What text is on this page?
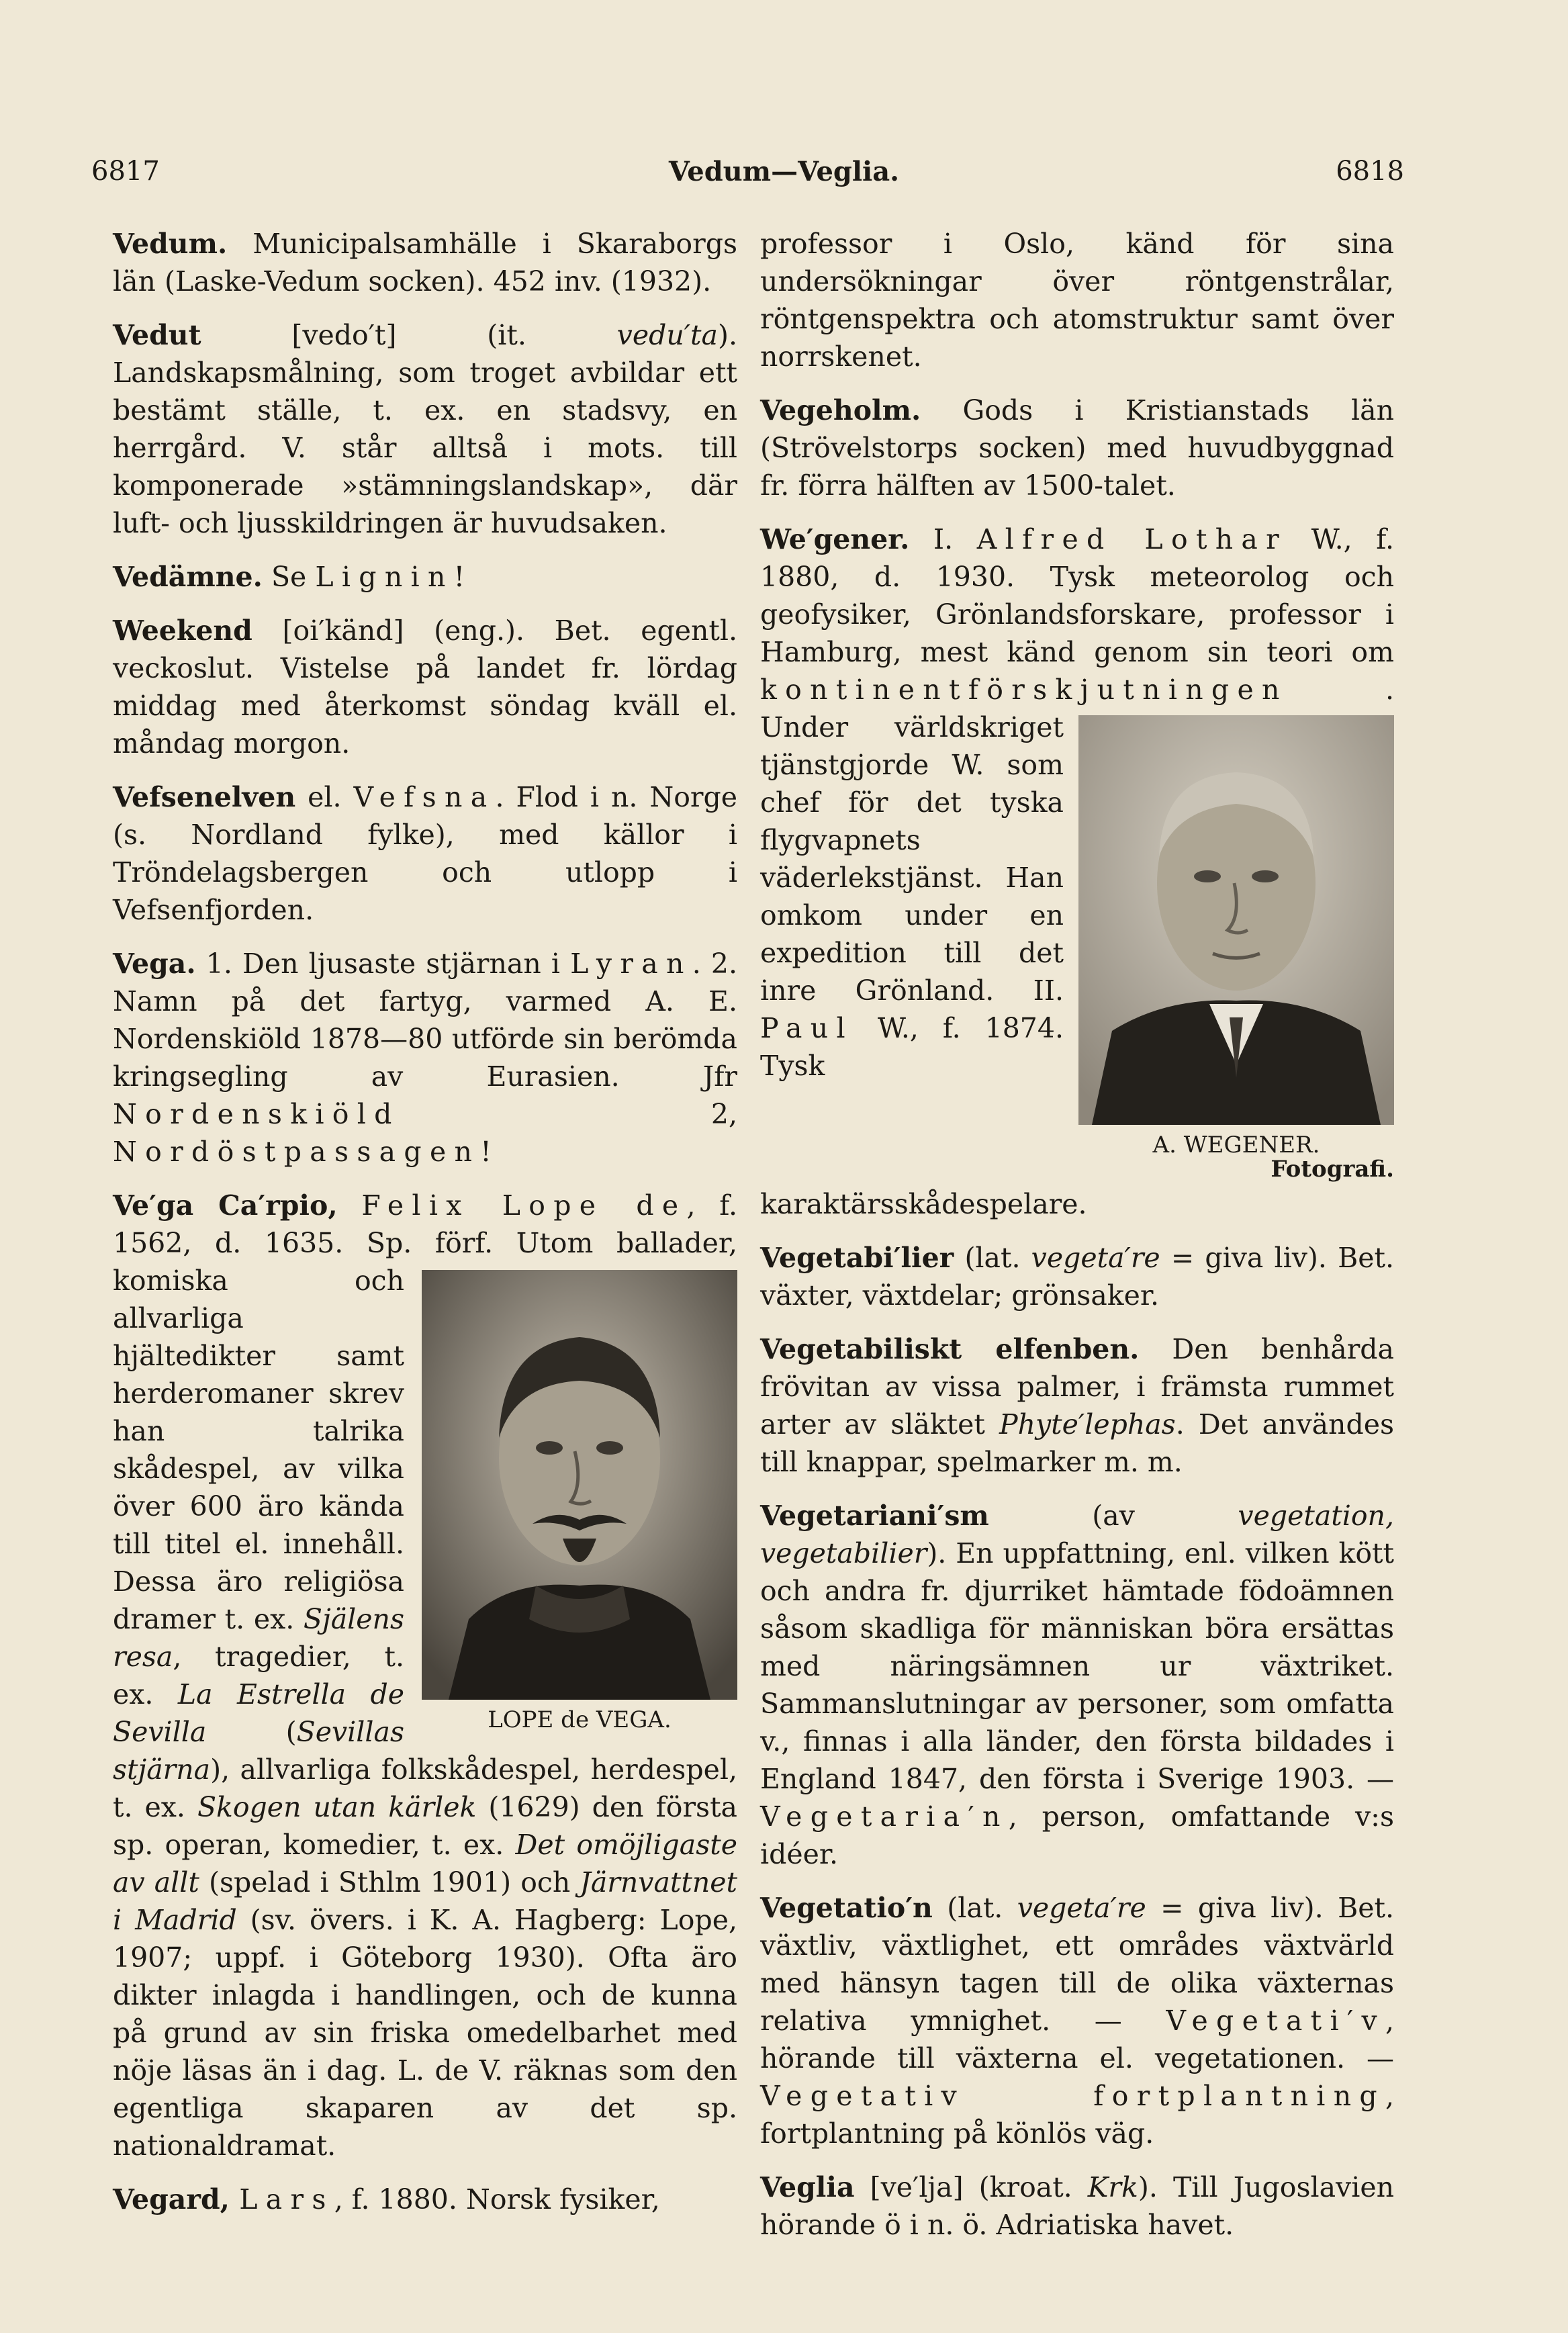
6817	Vedum—Veglia.	6818

Vedum. Municipalsamhälle i Skaraborgs län (Laske-Vedum socken). 452 inv. (1932).

Vedut [vedo′t] (it. vedu′ta). Landskapsmålning, som troget avbildar ett bestämt ställe, t. ex. en stadsvy, en herrgård. V. står alltså i mots. till komponerade »stämningslandskap», där luft- och ljusskildringen är huvudsaken.

Vedämne. Se Lignin!

Weekend [oi′känd] (eng.). Bet. egentl. veckoslut. Vistelse på landet fr. lördag middag med återkomst söndag kväll el. måndag morgon.

Vefsenelven el. Vefsna. Flod i n. Norge (s. Nordland fylke), med källor i Tröndelagsbergen och utlopp i Vefsenfjorden.

Vega. 1. Den ljusaste stjärnan i Lyran. 2. Namn på det fartyg, varmed A. E. Nordenskiöld 1878—80 utförde sin berömda kringsegling av Eurasien. Jfr Nordenskiöld 2, Nordöstpassagen!

Ve′ga Ca′rpio, Felix Lope de, f. 1562, d. 1635. Sp. förf.
LOPE de VEGA.
Utom ballader, komiska och allvarliga hjältedikter samt herderomaner skrev han talrika skådespel, av vilka över 600 äro kända till titel el. innehåll. Dessa äro religiösa dramer t. ex. Själens resa, tragedier, t. ex. La Estrella de Sevilla (Sevillas stjärna), allvarliga folkskådespel, herdespel, t. ex. Skogen utan kärlek (1629) den första sp. operan, komedier, t. ex. Det omöjligaste av allt (spelad i Sthlm 1901) och Järnvattnet i Madrid (sv. övers. i K. A. Hagberg: Lope, 1907; uppf. i Göteborg 1930). Ofta äro dikter inlagda i handlingen, och de kunna på grund av sin friska omedelbarhet med nöje läsas än i dag. L. de V. räknas som den egentliga skaparen av det sp. nationaldramat.

Vegard, Lars, f. 1880. Norsk fysiker,

professor i Oslo, känd för sina undersökningar över röntgenstrålar, röntgenspektra och atomstruktur samt över norrskenet.

Vegeholm. Gods i Kristianstads län (Strövelstorps socken) med huvudbyggnad fr. förra hälften av 1500-talet.

We′gener. I. Alfred Lothar W., f. 1880, d. 1930. Tysk meteorolog och geofysiker, Grönlandsforskare, professor i Hamburg, mest känd genom sin teori om kontinentförskjutningen
A. WEGENER.
Fotografi.
. Under världskriget tjänstgjorde W. som chef för det tyska flygvapnets väderlekstjänst. Han omkom under en expedition till det inre Grönland. II. Paul W., f. 1874. Tysk karaktärsskådespelare.

Vegetabi′lier (lat. vegeta′re = giva liv). Bet. växter, växtdelar; grönsaker.

Vegetabiliskt elfenben. Den benhårda frövitan av vissa palmer, i främsta rummet arter av släktet Phyte′lephas. Det användes till knappar, spelmarker m. m.

Vegetariani′sm (av vegetation, vegetabilier). En uppfattning, enl. vilken kött och andra fr. djurriket hämtade födoämnen såsom skadliga för människan böra ersättas med näringsämnen ur växtriket. Sammanslutningar av personer, som omfatta v., finnas i alla länder, den första bildades i England 1847, den första i Sverige 1903. — Vegetaria′n, person, omfattande v:s idéer.

Vegetatio′n (lat. vegeta′re = giva liv). Bet. växtliv, växtlighet, ett områdes växtvärld med hänsyn tagen till de olika växternas relativa ymnighet. — Vegetati′v, hörande till växterna el. vegetationen. — Vegetativ fortplantning, fortplantning på könlös väg.

Veglia [ve′lja] (kroat. Krk). Till Jugoslavien hörande ö i n. ö. Adriatiska havet.
